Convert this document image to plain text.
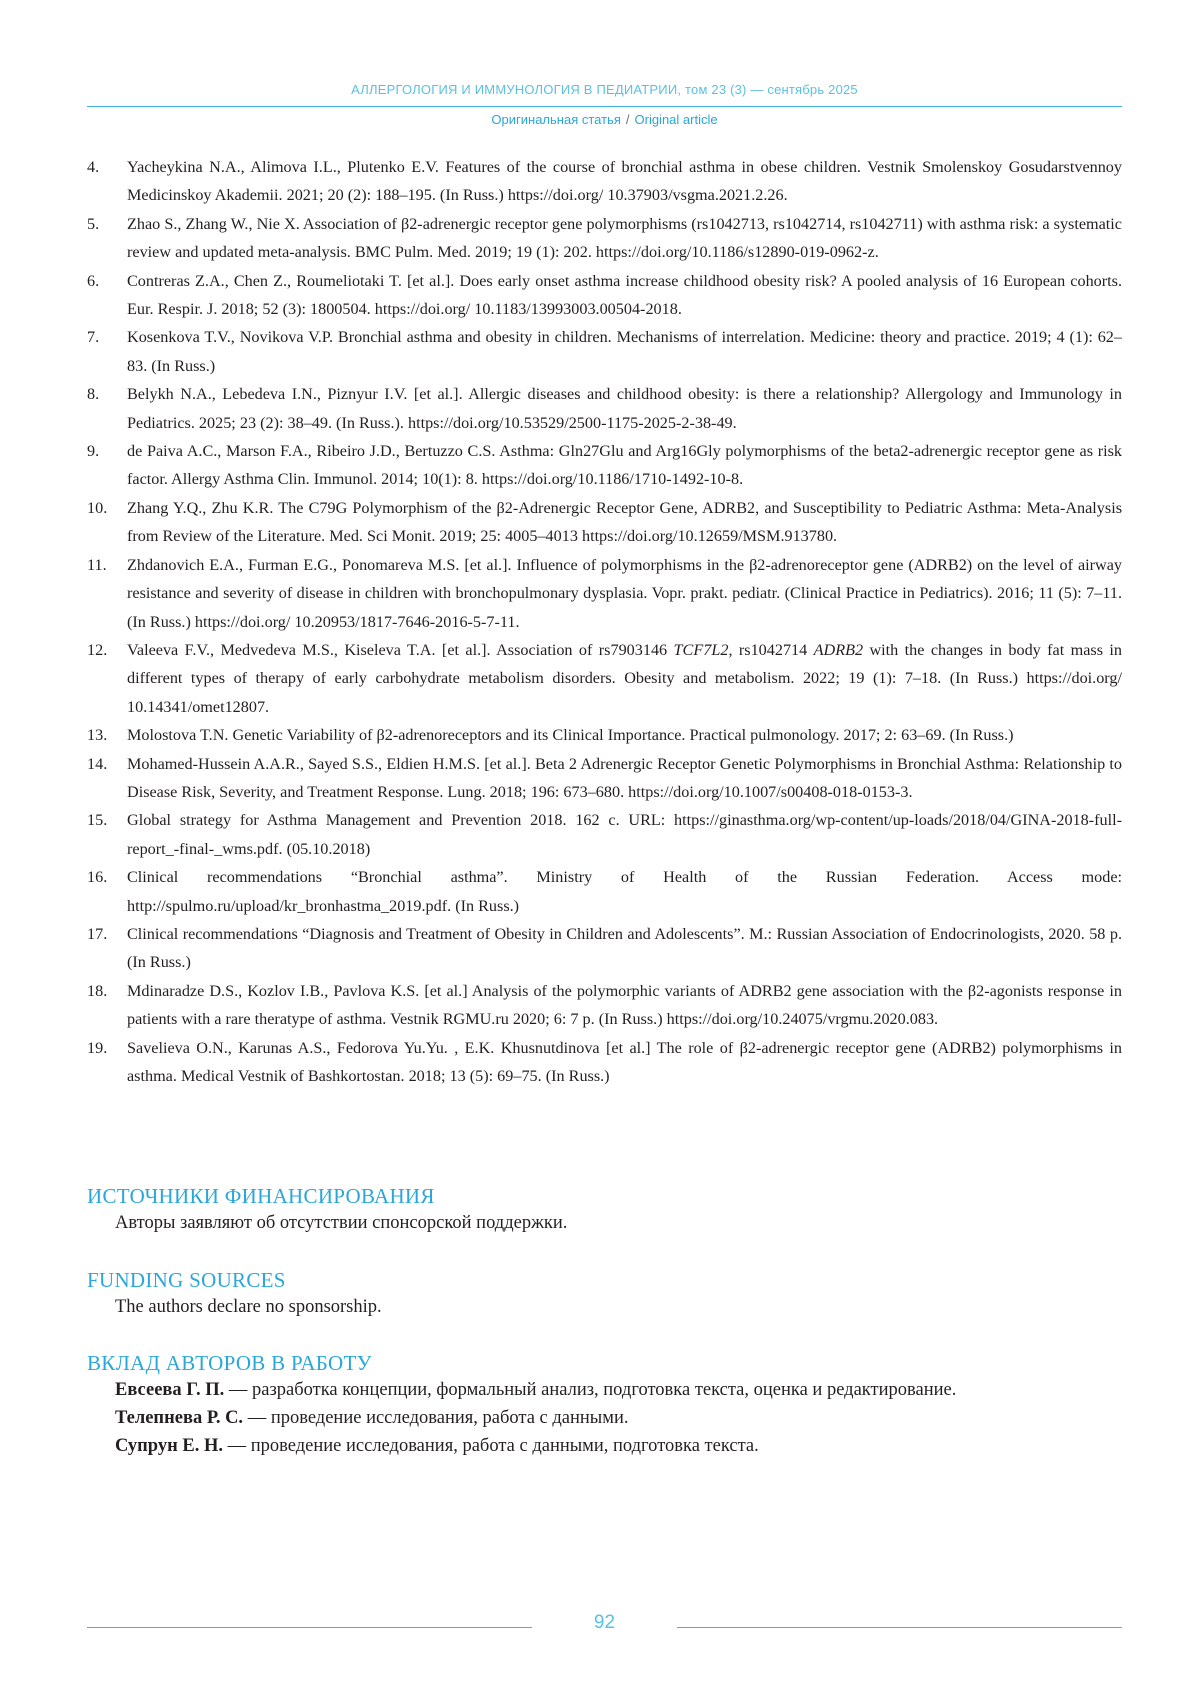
АЛЛЕРГОЛОГИЯ И ИММУНОЛОГИЯ В ПЕДИАТРИИ, том 23 (3) — сентябрь 2025
Оригинальная статья / Original article
4.	Yacheykina N.A., Alimova I.L., Plutenko E.V. Features of the course of bronchial asthma in obese children. Vestnik Smolenskoy Gosudarstvennoy Medicinskoy Akademii. 2021; 20 (2): 188–195. (In Russ.) https://doi.org/ 10.37903/vsgma.2021.2.26.
5.	Zhao S., Zhang W., Nie X. Association of β2-adrenergic receptor gene polymorphisms (rs1042713, rs1042714, rs1042711) with asthma risk: a systematic review and updated meta-analysis. BMC Pulm. Med. 2019; 19 (1): 202. https://doi.org/10.1186/s12890-019-0962-z.
6.	Contreras Z.A., Chen Z., Roumeliotaki T. [et al.]. Does early onset asthma increase childhood obesity risk? A pooled analysis of 16 European cohorts. Eur. Respir. J. 2018; 52 (3): 1800504. https://doi.org/ 10.1183/13993003.00504-2018.
7.	Kosenkova T.V., Novikova V.P. Bronchial asthma and obesity in children. Mechanisms of interrelation. Medicine: theory and practice. 2019; 4 (1): 62–83. (In Russ.)
8.	Belykh N.A., Lebedeva I.N., Piznyur I.V. [et al.]. Allergic diseases and childhood obesity: is there a relationship? Allergology and Immunology in Pediatrics. 2025; 23 (2): 38–49. (In Russ.). https://doi.org/10.53529/2500-1175-2025-2-38-49.
9.	de Paiva A.C., Marson F.A., Ribeiro J.D., Bertuzzo C.S. Asthma: Gln27Glu and Arg16Gly polymorphisms of the beta2-adrenergic receptor gene as risk factor. Allergy Asthma Clin. Immunol. 2014; 10(1): 8. https://doi.org/10.1186/1710-1492-10-8.
10.	Zhang Y.Q., Zhu K.R. The C79G Polymorphism of the β2-Adrenergic Receptor Gene, ADRB2, and Susceptibility to Pediatric Asthma: Meta-Analysis from Review of the Literature. Med. Sci Monit. 2019; 25: 4005–4013 https://doi.org/10.12659/MSM.913780.
11.	Zhdanovich E.A., Furman E.G., Ponomareva M.S. [et al.]. Influence of polymorphisms in the β2-adrenoreceptor gene (ADRB2) on the level of airway resistance and severity of disease in children with bronchopulmonary dysplasia. Vopr. prakt. pediatr. (Clinical Practice in Pediatrics). 2016; 11 (5): 7–11. (In Russ.) https://doi.org/ 10.20953/1817-7646-2016-5-7-11.
12.	Valeeva F.V., Medvedeva M.S., Kiseleva T.A. [et al.]. Association of rs7903146 TCF7L2, rs1042714 ADRB2 with the changes in body fat mass in different types of therapy of early carbohydrate metabolism disorders. Obesity and metabolism. 2022; 19 (1): 7–18. (In Russ.) https://doi.org/ 10.14341/omet12807.
13.	Molostova T.N. Genetic Variability of β2-adrenoreceptors and its Clinical Importance. Practical pulmonology. 2017; 2: 63–69. (In Russ.)
14.	Mohamed-Hussein A.A.R., Sayed S.S., Eldien H.M.S. [et al.]. Beta 2 Adrenergic Receptor Genetic Polymorphisms in Bronchial Asthma: Relationship to Disease Risk, Severity, and Treatment Response. Lung. 2018; 196: 673–680. https://doi.org/10.1007/s00408-018-0153-3.
15.	Global strategy for Asthma Management and Prevention 2018. 162 c. URL: https://ginasthma.org/wp-content/up-loads/2018/04/GINA-2018-full-report_-final-_wms.pdf. (05.10.2018)
16.	Clinical recommendations “Bronchial asthma”. Ministry of Health of the Russian Federation. Access mode: http://spulmo.ru/upload/kr_bronhastma_2019.pdf. (In Russ.)
17.	Clinical recommendations “Diagnosis and Treatment of Obesity in Children and Adolescents”. M.: Russian Association of Endocrinologists, 2020. 58 p. (In Russ.)
18.	Mdinaradze D.S., Kozlov I.B., Pavlova K.S. [et al.] Analysis of the polymorphic variants of ADRB2 gene association with the β2-agonists response in patients with a rare theratype of asthma. Vestnik RGMU.ru 2020; 6: 7 p. (In Russ.) https://doi.org/10.24075/vrgmu.2020.083.
19.	Savelieva O.N., Karunas A.S., Fedorova Yu.Yu. , E.K. Khusnutdinova [et al.] The role of β2-adrenergic receptor gene (ADRB2) polymorphisms in asthma. Medical Vestnik of Bashkortostan. 2018; 13 (5): 69–75. (In Russ.)
ИСТОЧНИКИ ФИНАНСИРОВАНИЯ

Авторы заявляют об отсутствии спонсорской поддержки.

FUNDING SOURCES

The authors declare no sponsorship.

ВКЛАД АВТОРОВ В РАБОТУ

Евсеева Г. П. — разработка концепции, формальный анализ, подготовка текста, оценка и редактирование.

Телепнева Р. С. — проведение исследования, работа с данными.

Супрун Е. Н. — проведение исследования, работа с данными, подготовка текста.

92
